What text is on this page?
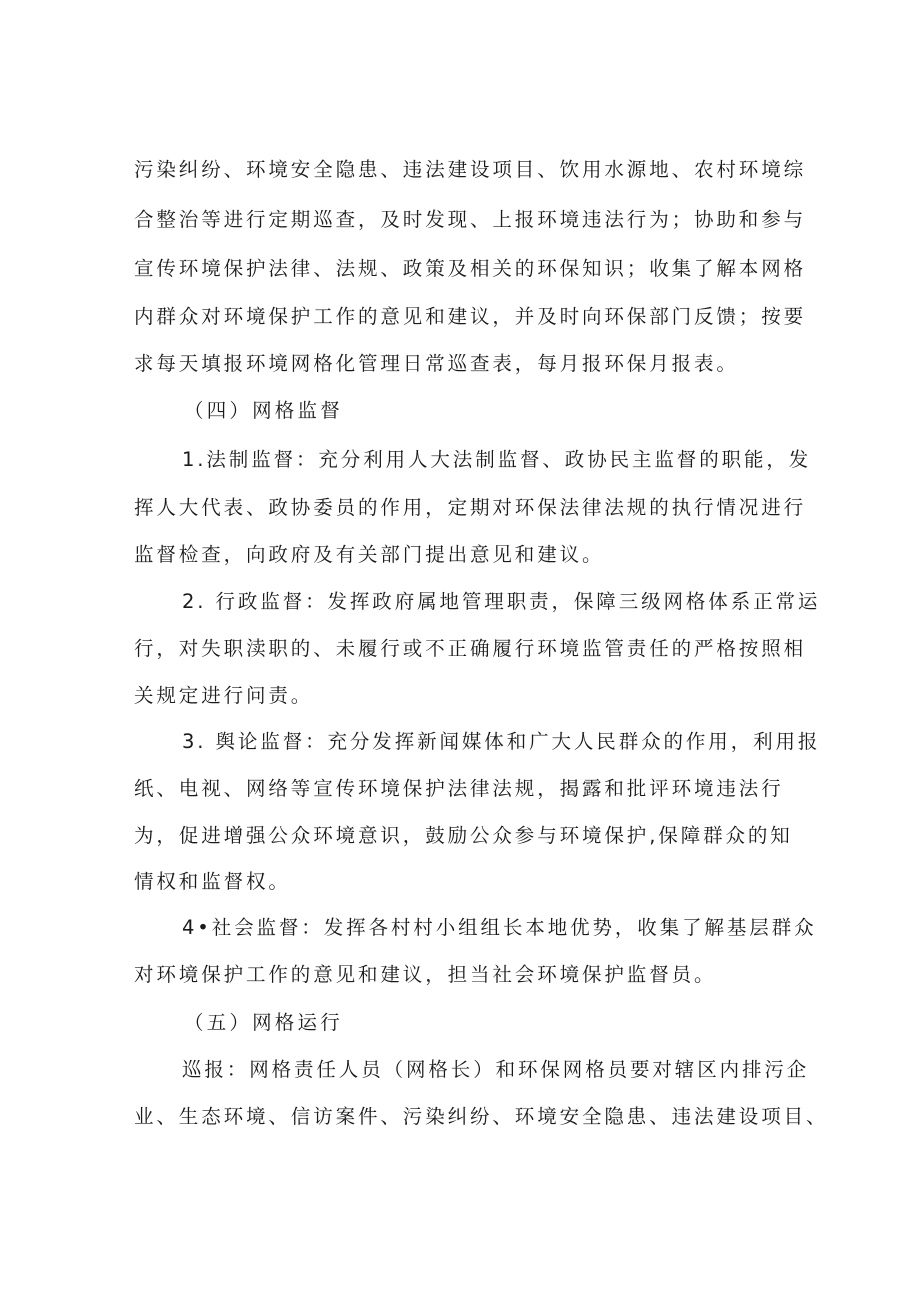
污染纠纷、环境安全隐患、违法建设项目、饮用水源地、农村环境综
合整治等进行定期巡查，及时发现、上报环境违法行为；协助和参与
宣传环境保护法律、法规、政策及相关的环保知识；收集了解本网格
内群众对环境保护工作的意见和建议，并及时向环保部门反馈；按要
求每天填报环境网格化管理日常巡查表，每月报环保月报表。
（四）网格监督
1.法制监督：充分利用人大法制监督、政协民主监督的职能，发
挥人大代表、政协委员的作用，定期对环保法律法规的执行情况进行
监督检查，向政府及有关部门提出意见和建议。
2. 行政监督：发挥政府属地管理职责，保障三级网格体系正常运
行，对失职渎职的、未履行或不正确履行环境监管责任的严格按照相
关规定进行问责。
3. 舆论监督：充分发挥新闻媒体和广大人民群众的作用，利用报
纸、电视、网络等宣传环境保护法律法规，揭露和批评环境违法行
为，促进增强公众环境意识，鼓励公众参与环境保护,保障群众的知
情权和监督权。
4•社会监督：发挥各村村小组组长本地优势，收集了解基层群众
对环境保护工作的意见和建议，担当社会环境保护监督员。
（五）网格运行
巡报：网格责任人员（网格长）和环保网格员要对辖区内排污企
业、生态环境、信访案件、污染纠纷、环境安全隐患、违法建设项目、
